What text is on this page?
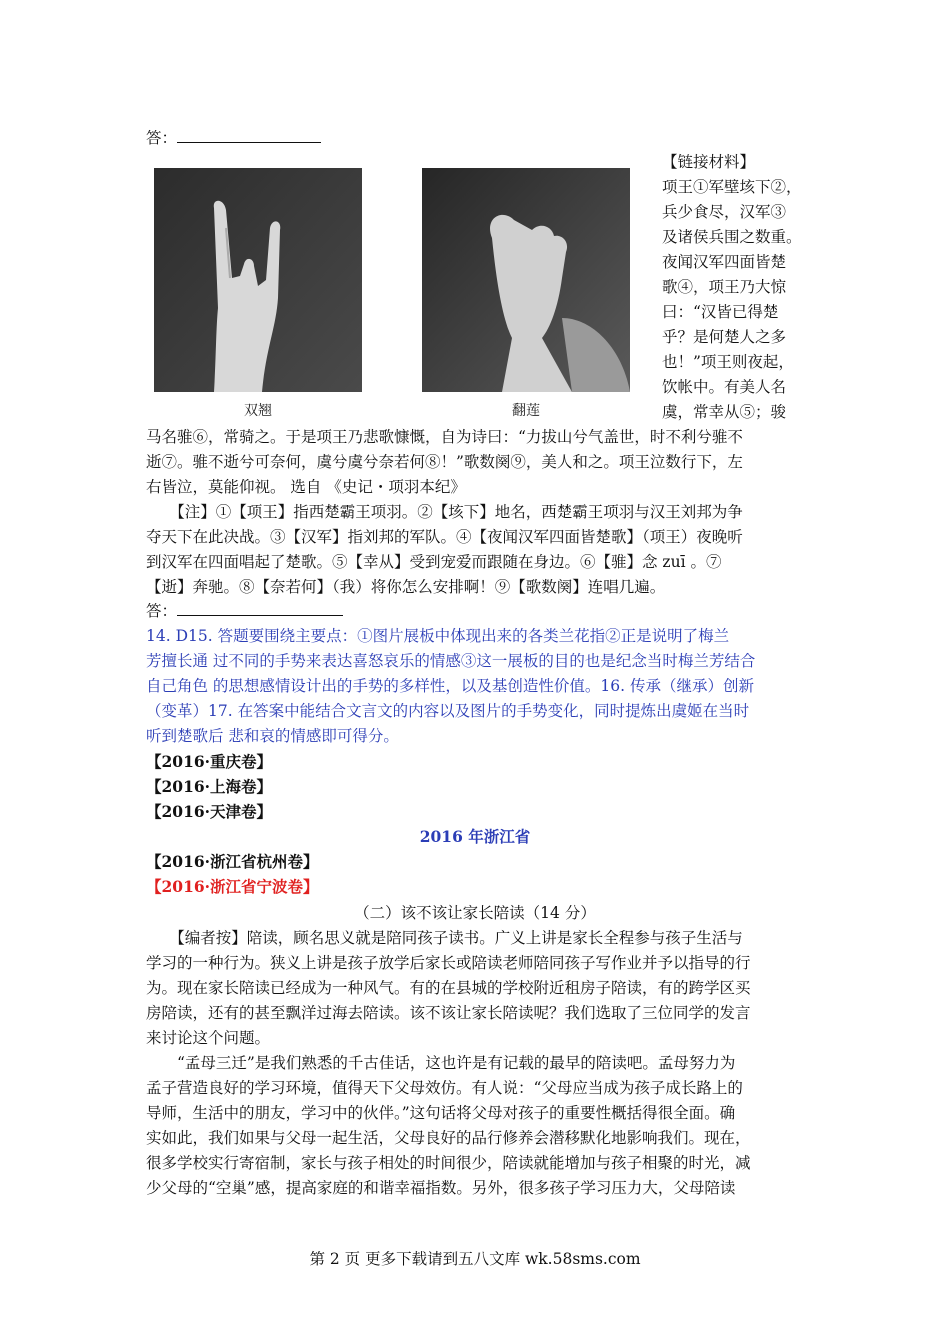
答：
双翘	翻莲
【链接材料】
项王①军壁垓下②，
兵少食尽，汉军③
及诸侯兵围之数重。
夜闻汉军四面皆楚
歌④，项王乃大惊
曰：“汉皆已得楚
乎？是何楚人之多
也！”项王则夜起，
饮帐中。有美人名
虞，常幸从⑤；骏
马名骓⑥，常骑之。于是项王乃悲歌慷慨，自为诗曰：“力拔山兮气盖世，时不利兮骓不
逝⑦。骓不逝兮可奈何，虞兮虞兮奈若何⑧！”歌数阕⑨，美人和之。项王泣数行下，左
右皆泣，莫能仰视。 选自 《史记・项羽本纪》
　　【注】①【项王】指西楚霸王项羽。②【垓下】地名，西楚霸王项羽与汉王刘邦为争
夺天下在此决战。③【汉军】指刘邦的军队。④【夜闻汉军四面皆楚歌】（项王）夜晚听
到汉军在四面唱起了楚歌。⑤【幸从】受到宠爱而跟随在身边。⑥【骓】念 zuī 。⑦
【逝】奔驰。⑧【奈若何】（我）将你怎么安排啊！⑨【歌数阕】连唱几遍。
答：
14. D15. 答题要围绕主要点：①图片展板中体现出来的各类兰花指②正是说明了梅兰
芳擅长通 过不同的手势来表达喜怒哀乐的情感③这一展板的目的也是纪念当时梅兰芳结合
自己角色 的思想感情设计出的手势的多样性，以及基创造性价值。16. 传承（继承）创新
（变革）17. 在答案中能结合文言文的内容以及图片的手势变化，同时提炼出虞姬在当时
听到楚歌后 悲和哀的情感即可得分。
【2016·重庆卷】
【2016·上海卷】
【2016·天津卷】
2016 年浙江省
【2016·浙江省杭州卷】
【2016·浙江省宁波卷】
（二）该不该让家长陪读（14 分）
　　【编者按】陪读，顾名思义就是陪同孩子读书。广义上讲是家长全程参与孩子生活与
学习的一种行为。狭义上讲是孩子放学后家长或陪读老师陪同孩子写作业并予以指导的行
为。现在家长陪读已经成为一种风气。有的在县城的学校附近租房子陪读，有的跨学区买
房陪读，还有的甚至飘洋过海去陪读。该不该让家长陪读呢？我们选取了三位同学的发言
来讨论这个问题。
　　“孟母三迁”是我们熟悉的千古佳话，这也许是有记载的最早的陪读吧。孟母努力为
孟子营造良好的学习环境，值得天下父母效仿。有人说：“父母应当成为孩子成长路上的
导师，生活中的朋友，学习中的伙伴。”这句话将父母对孩子的重要性概括得很全面。确
实如此，我们如果与父母一起生活，父母良好的品行修养会潜移默化地影响我们。现在，
很多学校实行寄宿制，家长与孩子相处的时间很少，陪读就能增加与孩子相聚的时光，减
少父母的“空巢”感，提高家庭的和谐幸福指数。另外，很多孩子学习压力大，父母陪读
第 2 页 更多下载请到五八文库 wk.58sms.com
